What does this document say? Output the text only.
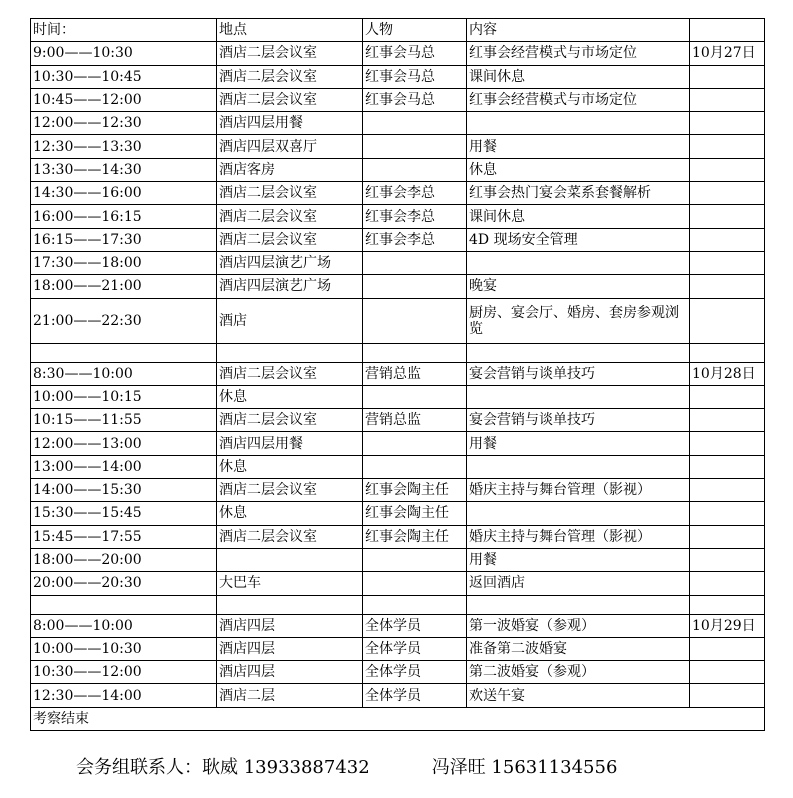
时间：	地点	人物	内容	
9:00——10:30	酒店二层会议室	红事会马总	红事会经营模式与市场定位	10月27日
10:30——10:45	酒店二层会议室	红事会马总	课间休息	
10:45——12:00	酒店二层会议室	红事会马总	红事会经营模式与市场定位	
12:00——12:30	酒店四层用餐			
12:30——13:30	酒店四层双喜厅		用餐	
13:30——14:30	酒店客房		休息	
14:30——16:00	酒店二层会议室	红事会李总	红事会热门宴会菜系套餐解析	
16:00——16:15	酒店二层会议室	红事会李总	课间休息	
16:15——17:30	酒店二层会议室	红事会李总	4D 现场安全管理	
17:30——18:00	酒店四层演艺广场			
18:00——21:00	酒店四层演艺广场		晚宴	
21:00——22:30	酒店		厨房、宴会厅、婚房、套房参观浏览	

8:30——10:00	酒店二层会议室	营销总监	宴会营销与谈单技巧	10月28日
10:00——10:15	休息			
10:15——11:55	酒店二层会议室	营销总监	宴会营销与谈单技巧	
12:00——13:00	酒店四层用餐		用餐	
13:00——14:00	休息			
14:00——15:30	酒店二层会议室	红事会陶主任	婚庆主持与舞台管理（影视）	
15:30——15:45	休息	红事会陶主任		
15:45——17:55	酒店二层会议室	红事会陶主任	婚庆主持与舞台管理（影视）	
18:00——20:00			用餐	
20:00——20:30	大巴车		返回酒店	

8:00——10:00	酒店四层	全体学员	第一波婚宴（参观）	10月29日
10:00——10:30	酒店四层	全体学员	准备第二波婚宴	
10:30——12:00	酒店四层	全体学员	第二波婚宴（参观）	
12:30——14:00	酒店二层	全体学员	欢送午宴	
考察结束				
会务组联系人：耿威 13933887432	冯泽旺 15631134556
